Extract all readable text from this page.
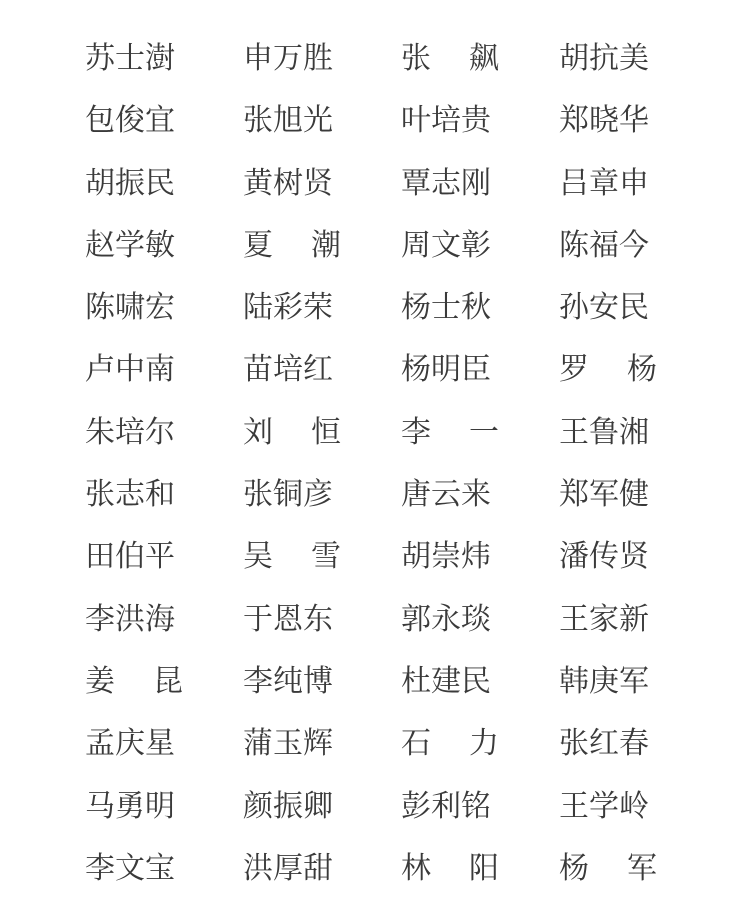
苏士澍 申万胜 张 飙 胡抗美
包俊宜 张旭光 叶培贵 郑晓华
胡振民 黄树贤 覃志刚 吕章申
赵学敏 夏 潮 周文彰 陈福今
陈啸宏 陆彩荣 杨士秋 孙安民
卢中南 苗培红 杨明臣 罗 杨
朱培尔 刘 恒 李 一 王鲁湘
张志和 张铜彦 唐云来 郑军健
田伯平 吴 雪 胡崇炜 潘传贤
李洪海 于恩东 郭永琰 王家新
姜 昆 李纯博 杜建民 韩庚军
孟庆星 蒲玉辉 石 力 张红春
马勇明 颜振卿 彭利铭 王学岭
李文宝 洪厚甜 林 阳 杨 军
